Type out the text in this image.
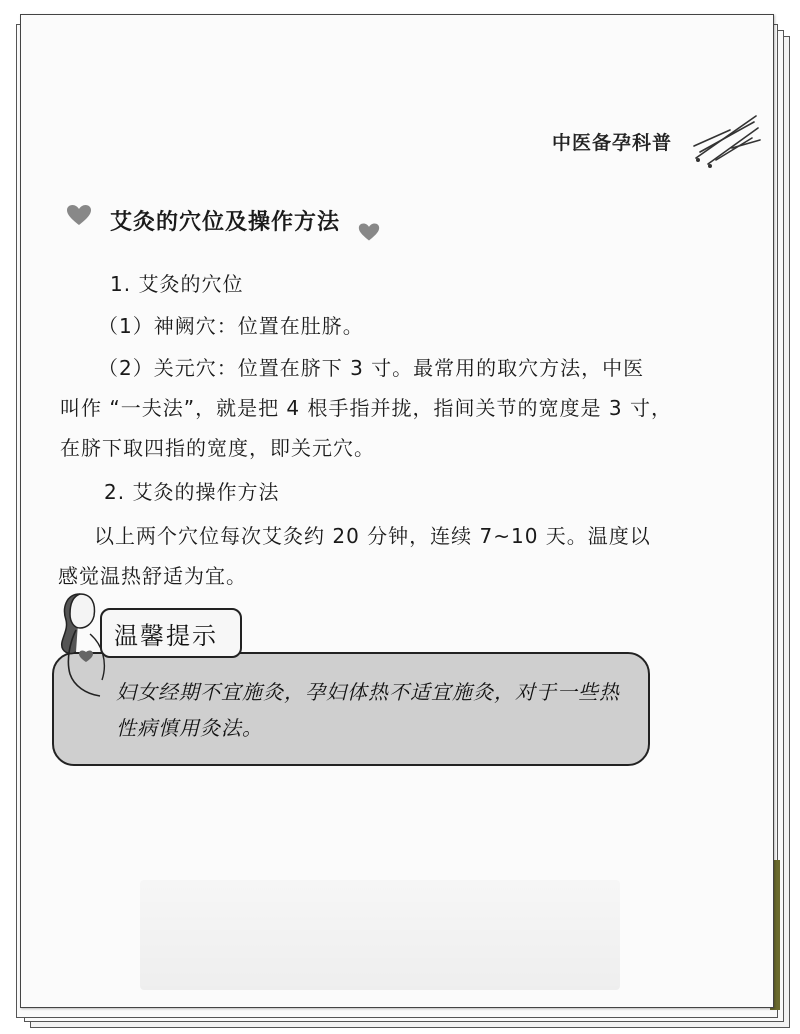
中医备孕科普
艾灸的穴位及操作方法
1. 艾灸的穴位
（1）神阙穴：位置在肚脐。
（2）关元穴：位置在脐下 3 寸。最常用的取穴方法，中医
叫作 “一夫法”，就是把 4 根手指并拢，指间关节的宽度是 3 寸，
在脐下取四指的宽度，即关元穴。
2. 艾灸的操作方法
以上两个穴位每次艾灸约 20 分钟，连续 7~10 天。温度以
感觉温热舒适为宜。
温馨提示
妇女经期不宜施灸，孕妇体热不适宜施灸，对于一些热
性病慎用灸法。
